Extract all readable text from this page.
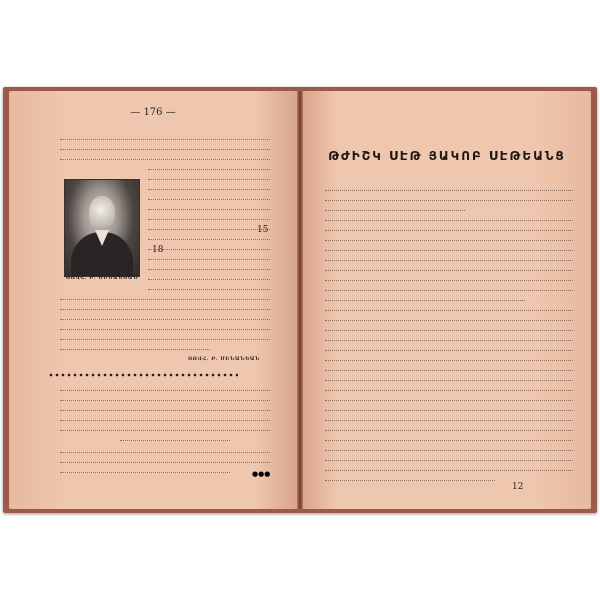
— 176 —
ԹԺԻՇԿ ՍԷԹ ՅԱԿՈԲ ՍԷԹԵԱՆՑ
ՅՈՎՀ. Բ. ՍԻՆԱՆԵԱՆ
ՅՈՎՀ. Բ. ՍԻՆԱՆԵԱՆ
●●●
12
15
18
